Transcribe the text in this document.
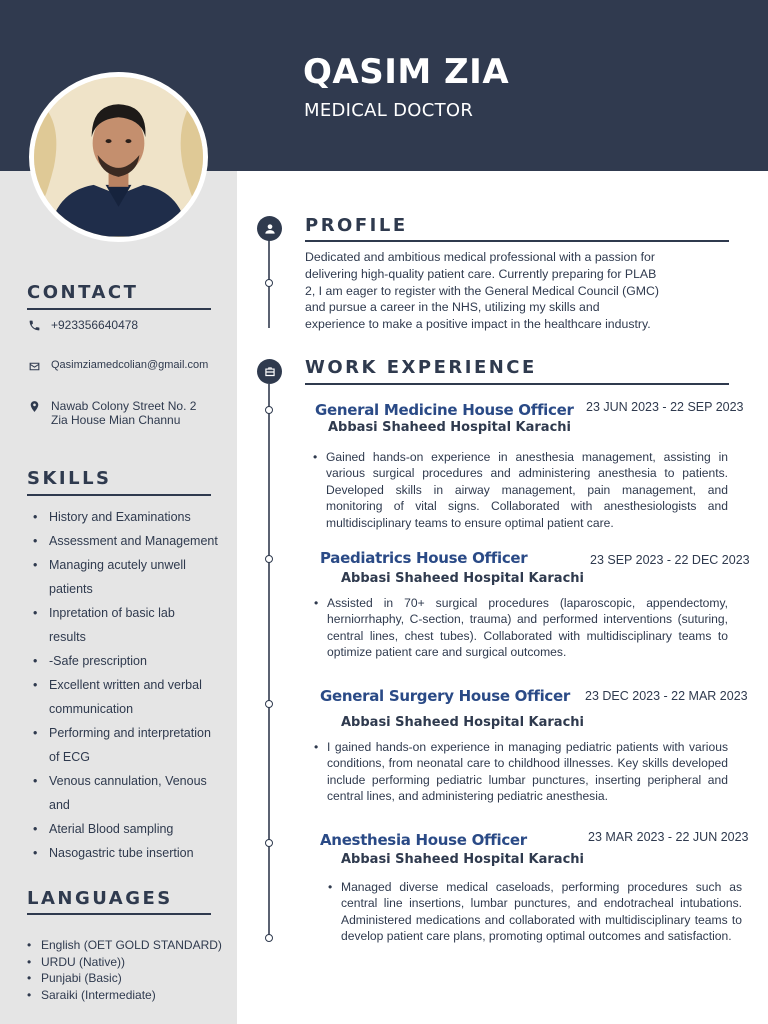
QASIM ZIA
MEDICAL DOCTOR
CONTACT
+923356640478
Qasimziamedcolian@gmail.com
Nawab Colony Street No. 2
Zia House Mian Channu
SKILLS
• History and Examinations
• Assessment and Management
• Managing acutely unwell patients
• Inpretation of basic lab results
• -Safe prescription
• Excellent written and verbal communication
• Performing and interpretation of ECG
• Venous cannulation, Venous and
• Aterial Blood sampling
• Nasogastric tube insertion
LANGUAGES
• English (OET GOLD STANDARD)
• URDU (Native))
• Punjabi (Basic)
• Saraiki (Intermediate)
PROFILE
Dedicated and ambitious medical professional with a passion for delivering high-quality patient care. Currently preparing for PLAB 2, I am eager to register with the General Medical Council (GMC) and pursue a career in the NHS, utilizing my skills and experience to make a positive impact in the healthcare industry.
WORK EXPERIENCE
General Medicine House Officer 23 JUN 2023 - 22 SEP 2023
Abbasi Shaheed Hospital Karachi
• Gained hands-on experience in anesthesia management, assisting in various surgical procedures and administering anesthesia to patients. Developed skills in airway management, pain management, and monitoring of vital signs. Collaborated with anesthesiologists and multidisciplinary teams to ensure optimal patient care.
Paediatrics House Officer	23 SEP 2023 - 22 DEC 2023
Abbasi Shaheed Hospital Karachi
• Assisted in 70+ surgical procedures (laparoscopic, appendectomy, herniorrhaphy, C-section, trauma) and performed interventions (suturing, central lines, chest tubes). Collaborated with multidisciplinary teams to optimize patient care and surgical outcomes.
General Surgery House Officer 23 DEC 2023 - 22 MAR 2023
Abbasi Shaheed Hospital Karachi
• I gained hands-on experience in managing pediatric patients with various conditions, from neonatal care to childhood illnesses. Key skills developed include performing pediatric lumbar punctures, inserting peripheral and central lines, and administering pediatric anesthesia.
Anesthesia House Officer	23 MAR 2023 - 22 JUN 2023
Abbasi Shaheed Hospital Karachi
• Managed diverse medical caseloads, performing procedures such as central line insertions, lumbar punctures, and endotracheal intubations. Administered medications and collaborated with multidisciplinary teams to develop patient care plans, promoting optimal outcomes and satisfaction.
